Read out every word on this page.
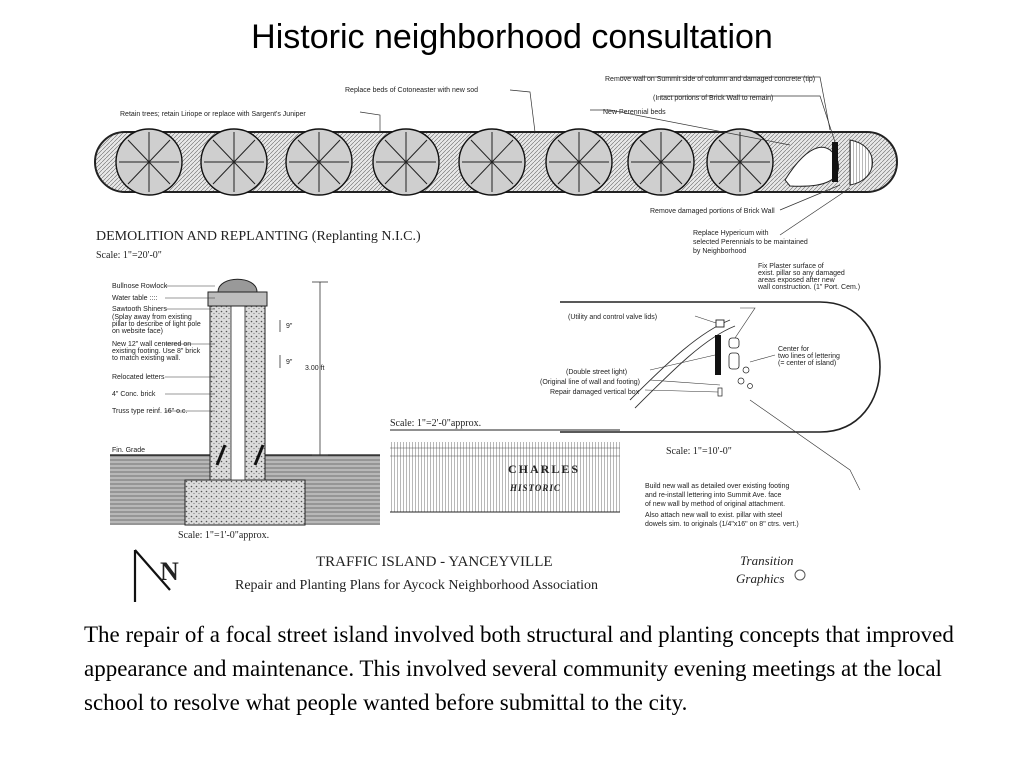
Historic neighborhood consultation
Retain trees; retain Liriope or replace with Sargent's Juniper
Replace beds of Cotoneaster with new sod
Remove wall on Summit side of column and damaged concrete (tip)
(Intact portions of Brick Wall to remain)
New Perennial beds
Remove damaged portions of Brick Wall
Replace Hypericum with
selected Perennials to be maintained
by Neighborhood
DEMOLITION AND REPLANTING (Replanting N.I.C.)
Scale: 1"=20'-0"
3.00 ft
9"
9"
Bullnose Rowlock
Water table ::::
Sawtooth Shiners
(Splay away from existing
pillar to describe of light pole
on website face)
New 12" wall centered on
existing footing. Use 8" brick
to match existing wall.
Relocated letters
4" Conc. brick
Truss type reinf. 16" o.c.
Fin. Grade
Scale: 1"=1'-0"approx.
Scale: 1"=2'-0"approx.
CHARLES
HISTORIC
(Utility and control valve lids)
(Double street light)
(Original line of wall and footing)
Repair damaged vertical box
Fix Plaster surface of
exist. pillar so any damaged
areas exposed after new
wall construction. (1" Port. Cem.)
Center for
two lines of lettering
(= center of island)
Scale: 1"=10'-0"
Build new wall as detailed over existing footing
and re-install lettering into Summit Ave. face
of new wall by method of original attachment.
Also attach new wall to exist. pillar with steel
dowels sim. to originals (1/4"x16" on 8" ctrs. vert.)
N	TRAFFIC ISLAND - YANCEYVILLE
Repair and Planting Plans for Aycock Neighborhood Association
Transition
Graphics
The repair of a focal street island involved both structural and planting concepts that improved appearance and maintenance. This involved several community evening meetings at the local school to resolve what people wanted before submittal to the city.
